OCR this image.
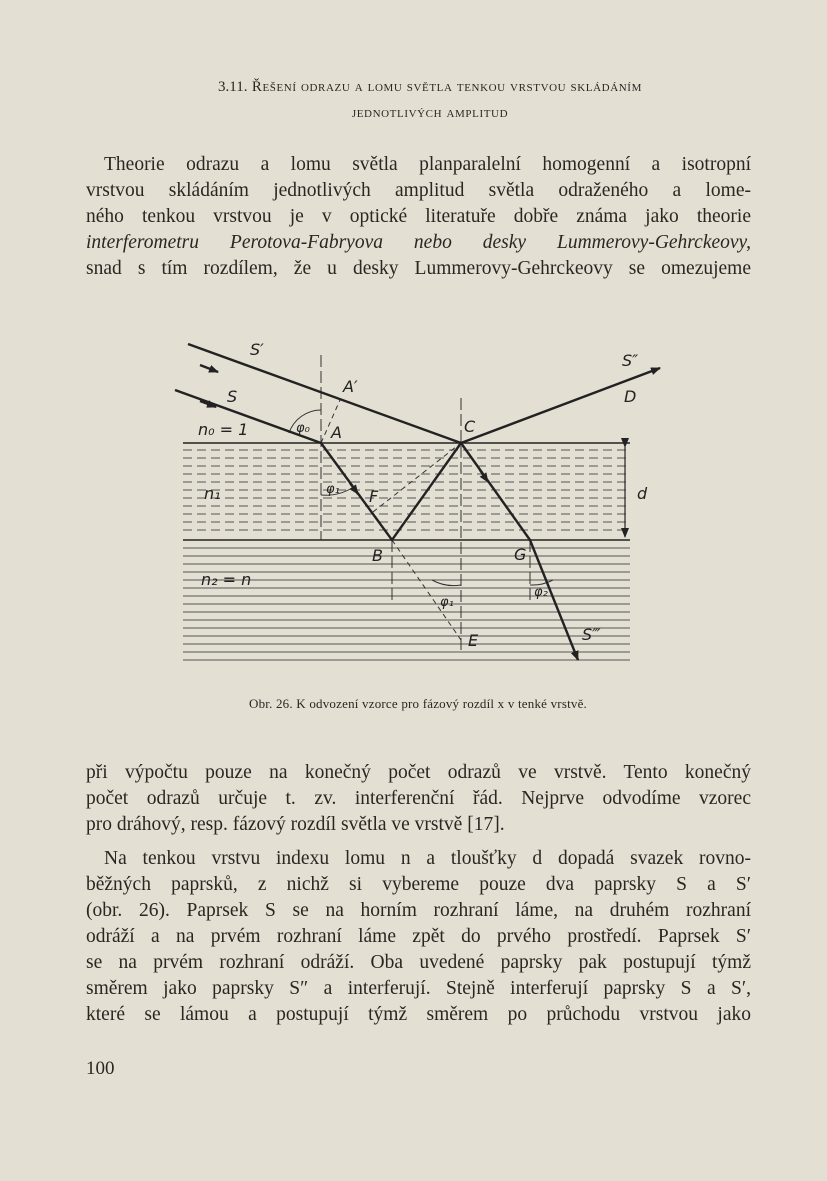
3.11. Řešení odrazu a lomu světla tenkou vrstvou skládáním
jednotlivých amplitud
Theorie odrazu a lomu světla planparalelní homogenní a isotropní
vrstvou skládáním jednotlivých amplitud světla odraženého a lome-
ného tenkou vrstvou je v optické literatuře dobře známa jako theorie
interferometru Perotova-Fabryova nebo desky Lummerovy-Gehrckeovy,
snad s tím rozdílem, že u desky Lummerovy-Gehrckeovy se omezujeme
S′
S
A′
S″
D
n₀ = 1	φ₀ A	C
d
n₁	φ₁ F
B	G
n₂ = n
φ₂
φ₁
E	S‴
Obr. 26. K odvození vzorce pro fázový rozdíl x v tenké vrstvě.
při výpočtu pouze na konečný počet odrazů ve vrstvě. Tento konečný
počet odrazů určuje t. zv. interferenční řád. Nejprve odvodíme vzorec
pro dráhový, resp. fázový rozdíl světla ve vrstvě [17].
Na tenkou vrstvu indexu lomu n a tloušťky d dopadá svazek rovno-
běžných paprsků, z nichž si vybereme pouze dva paprsky S a S′
(obr. 26). Paprsek S se na horním rozhraní láme, na druhém rozhraní
odráží a na prvém rozhraní láme zpět do prvého prostředí. Paprsek S′
se na prvém rozhraní odráží. Oba uvedené paprsky pak postupují týmž
směrem jako paprsky S″ a interferují. Stejně interferují paprsky S a S′,
které se lámou a postupují týmž směrem po průchodu vrstvou jako
100
